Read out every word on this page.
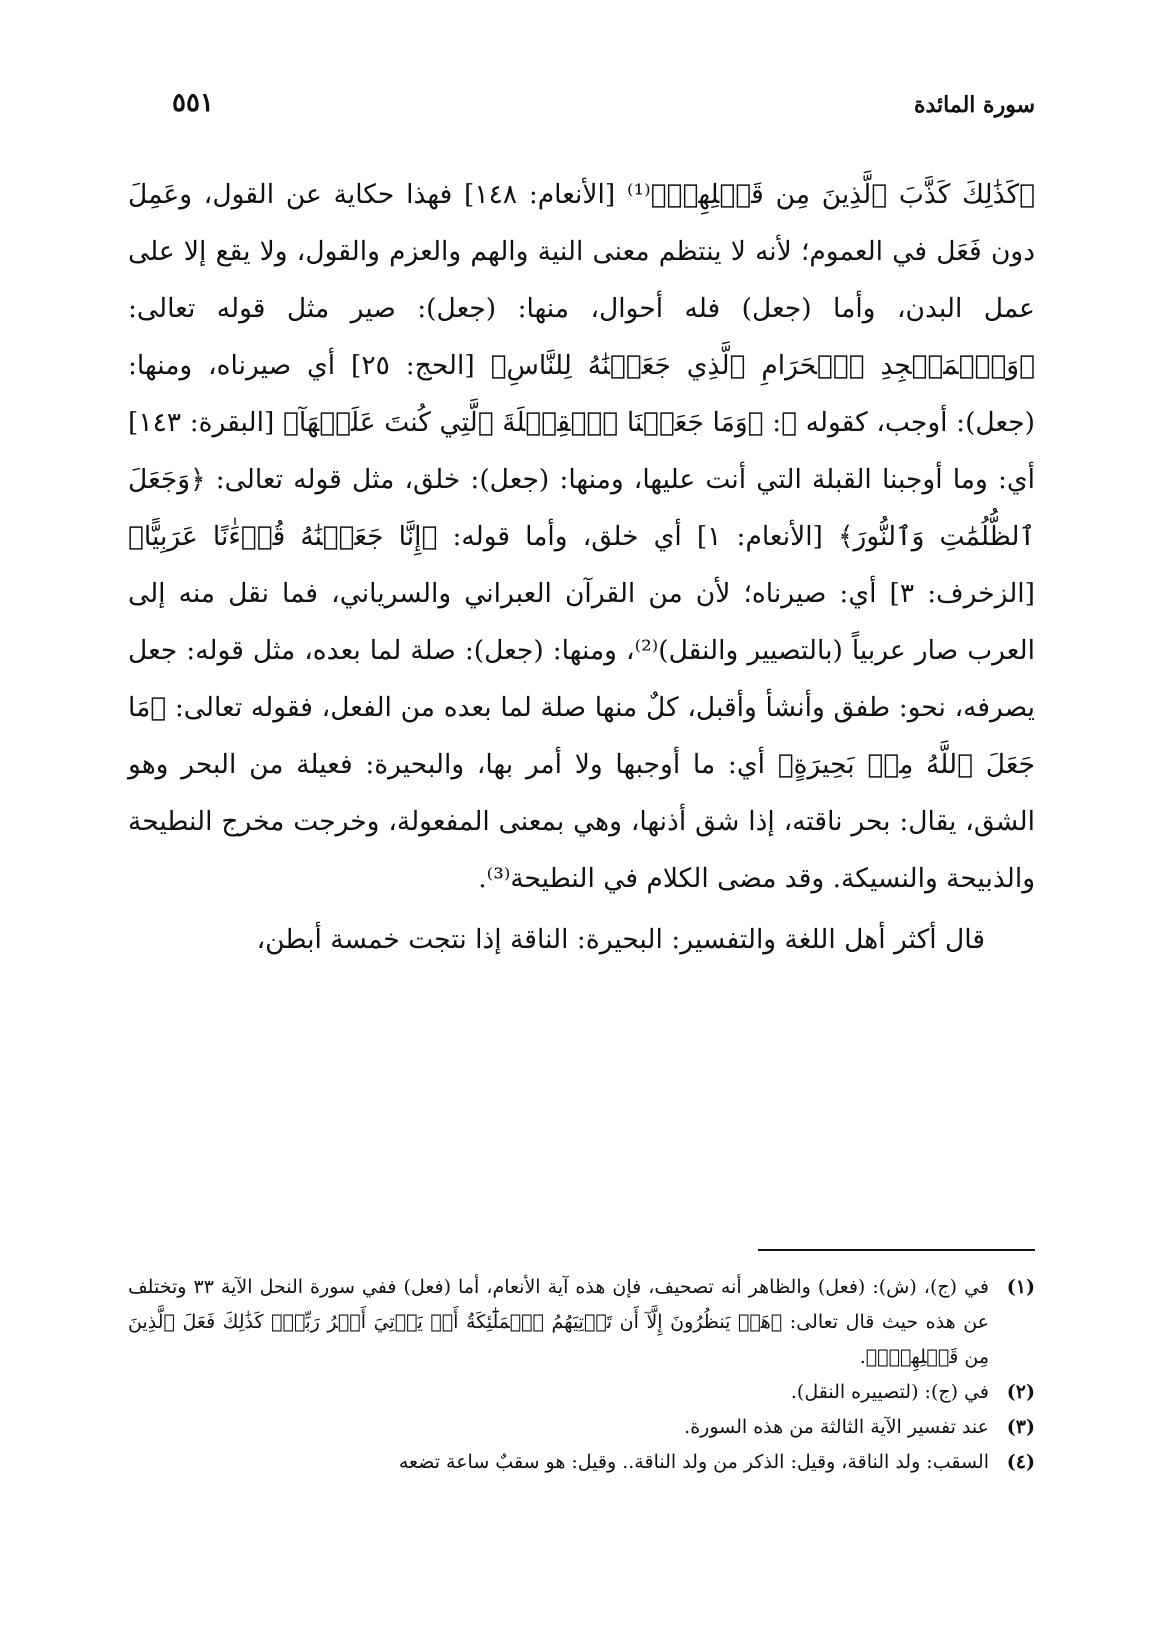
سورة المائدة
٥٥١

﴿كَذَٰلِكَ كَذَّبَ ٱلَّذِينَ مِن قَبۡلِهِمۡ﴾⁽¹⁾ [الأنعام: ١٤٨] فهذا حكاية عن القول، وعَمِلَ دون فَعَل في العموم؛ لأنه لا ينتظم معنى النية والهم والعزم والقول، ولا يقع إلا على عمل البدن، وأما (جعل) فله أحوال، منها: (جعل): صير مثل قوله تعالى: ﴿وَٱلۡمَسۡجِدِ ٱلۡحَرَامِ ٱلَّذِي جَعَلۡنَٰهُ لِلنَّاسِ﴾ [الحج: ٢٥] أي صيرناه، ومنها: (جعل): أوجب، كقوله ﷻ: ﴿وَمَا جَعَلۡنَا ٱلۡقِبۡلَةَ ٱلَّتِي كُنتَ عَلَيۡهَآ﴾ [البقرة: ١٤٣] أي: وما أوجبنا القبلة التي أنت عليها، ومنها: (جعل): خلق، مثل قوله تعالى: ﴿وَجَعَلَ ٱلظُّلُمَٰتِ وَٱلنُّورَ﴾ [الأنعام: ١] أي خلق، وأما قوله: ﴿إِنَّا جَعَلۡنَٰهُ قُرۡءَٰنًا عَرَبِيًّا﴾ [الزخرف: ٣] أي: صيرناه؛ لأن من القرآن العبراني والسرياني، فما نقل منه إلى العرب صار عربياً (بالتصيير والنقل)⁽²⁾، ومنها: (جعل): صلة لما بعده، مثل قوله: جعل يصرفه، نحو: طفق وأنشأ وأقبل، كلٌ منها صلة لما بعده من الفعل، فقوله تعالى: ﴿مَا جَعَلَ ٱللَّهُ مِنۢ بَحِيرَةٍ﴾ أي: ما أوجبها ولا أمر بها، والبحيرة: فعيلة من البحر وهو الشق، يقال: بحر ناقته، إذا شق أذنها، وهي بمعنى المفعولة، وخرجت مخرج النطيحة والذبيحة والنسيكة. وقد مضى الكلام في النطيحة⁽³⁾.

قال أكثر أهل اللغة والتفسير: البحيرة: الناقة إذا نتجت خمسة أبطن،

(١)
في (ج)، (ش): (فعل) والظاهر أنه تصحيف، فإن هذه آية الأنعام، أما (فعل) ففي سورة النحل الآية ٣٣ وتختلف عن هذه حيث قال تعالى: ﴿هَلۡ يَنظُرُونَ إِلَّآ أَن تَأۡتِيَهُمُ ٱلۡمَلَٰٓئِكَةُ أَوۡ يَأۡتِيَ أَمۡرُ رَبِّكَۚ كَذَٰلِكَ فَعَلَ ٱلَّذِينَ مِن قَبۡلِهِمۡۚ﴾.
(٢)
في (ج): (لتصييره النقل).
(٣)
عند تفسير الآية الثالثة من هذه السورة.
(٤)
السقب: ولد الناقة، وقيل: الذكر من ولد الناقة.. وقيل: هو سقبٌ ساعة تضعه
